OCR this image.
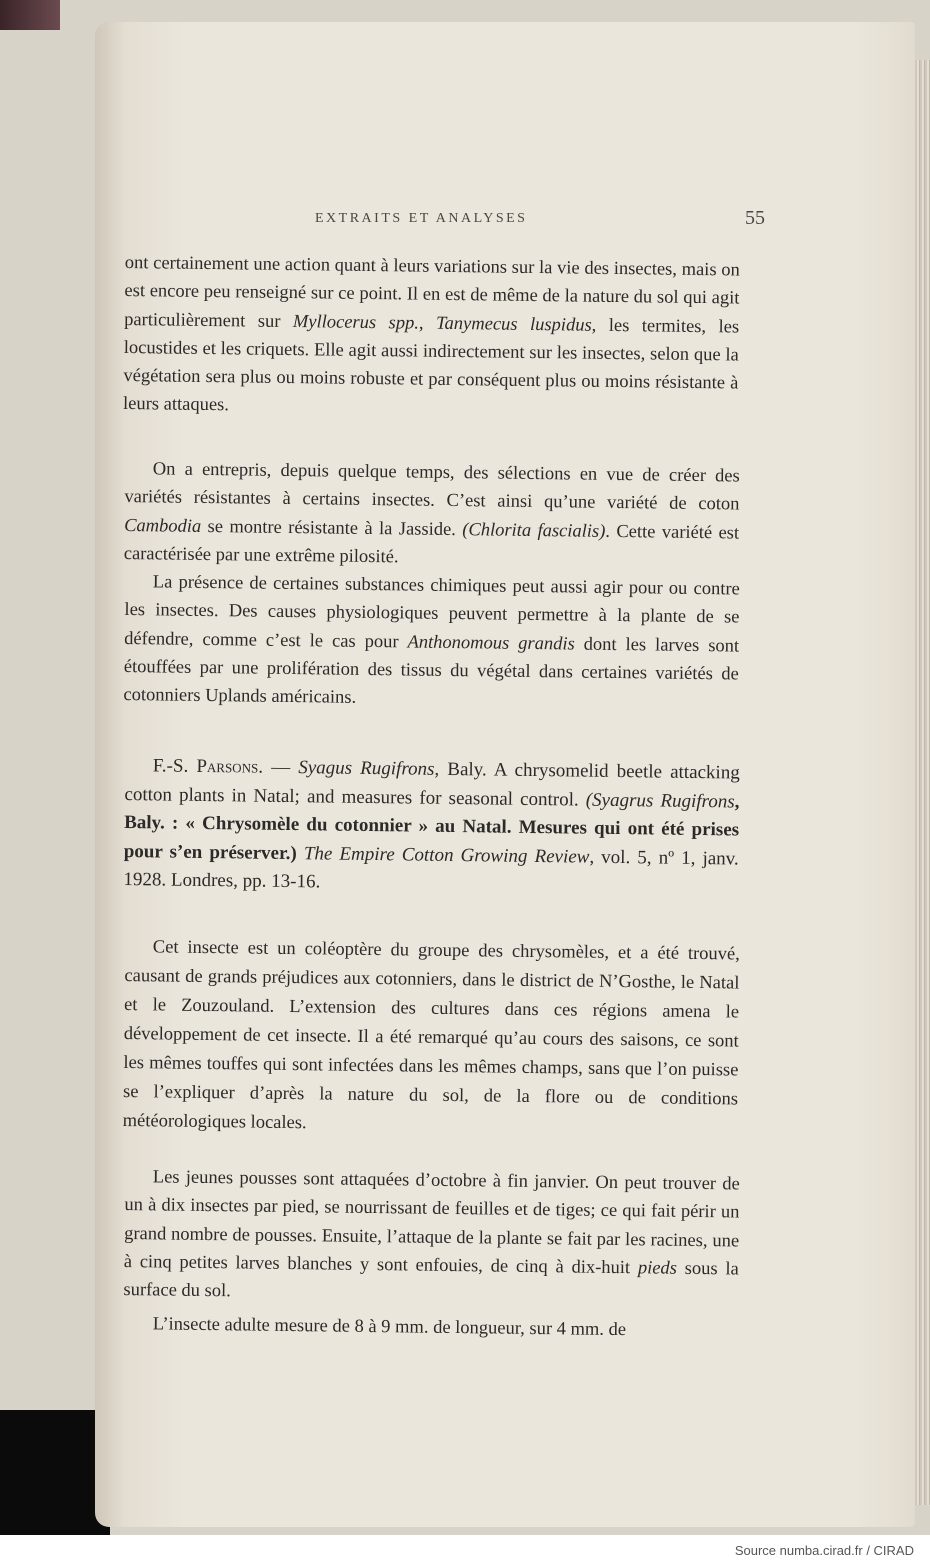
EXTRAITS ET ANALYSES	55

ont certainement une action quant à leurs variations sur la vie des insectes, mais on est encore peu renseigné sur ce point. Il en est de même de la nature du sol qui agit particulièrement sur Myllocerus spp., Tanymecus luspidus, les termites, les locustides et les criquets. Elle agit aussi indirectement sur les insectes, selon que la végétation sera plus ou moins robuste et par conséquent plus ou moins résistante à leurs attaques.

On a entrepris, depuis quelque temps, des sélections en vue de créer des variétés résistantes à certains insectes. C’est ainsi qu’une variété de coton Cambodia se montre résistante à la Jasside. (Chlorita fascialis). Cette variété est caractérisée par une extrême pilosité.

La présence de certaines substances chimiques peut aussi agir pour ou contre les insectes. Des causes physiologiques peuvent permettre à la plante de se défendre, comme c’est le cas pour Anthonomous grandis dont les larves sont étouffées par une prolifération des tissus du végétal dans certaines variétés de cotonniers Uplands américains.

F.-S. Parsons. — Syagus Rugifrons, Baly. A chrysomelid beetle attacking cotton plants in Natal; and measures for seasonal control. (Syagrus Rugifrons, Baly. : « Chrysomèle du cotonnier » au Natal. Mesures qui ont été prises pour s’en préserver.) The Empire Cotton Growing Review, vol. 5, nº 1, janv. 1928. Londres, pp. 13-16.

Cet insecte est un coléoptère du groupe des chrysomèles, et a été trouvé, causant de grands préjudices aux cotonniers, dans le district de N’Gosthe, le Natal et le Zouzouland. L’extension des cultures dans ces régions amena le développement de cet insecte. Il a été remarqué qu’au cours des saisons, ce sont les mêmes touffes qui sont infectées dans les mêmes champs, sans que l’on puisse se l’expliquer d’après la nature du sol, de la flore ou de conditions météorologiques locales.

Les jeunes pousses sont attaquées d’octobre à fin janvier. On peut trouver de un à dix insectes par pied, se nourrissant de feuilles et de tiges; ce qui fait périr un grand nombre de pousses. Ensuite, l’attaque de la plante se fait par les racines, une à cinq petites larves blanches y sont enfouies, de cinq à dix-huit pieds sous la surface du sol.

L’insecte adulte mesure de 8 à 9 mm. de longueur, sur 4 mm. de

Source numba.cirad.fr / CIRAD
